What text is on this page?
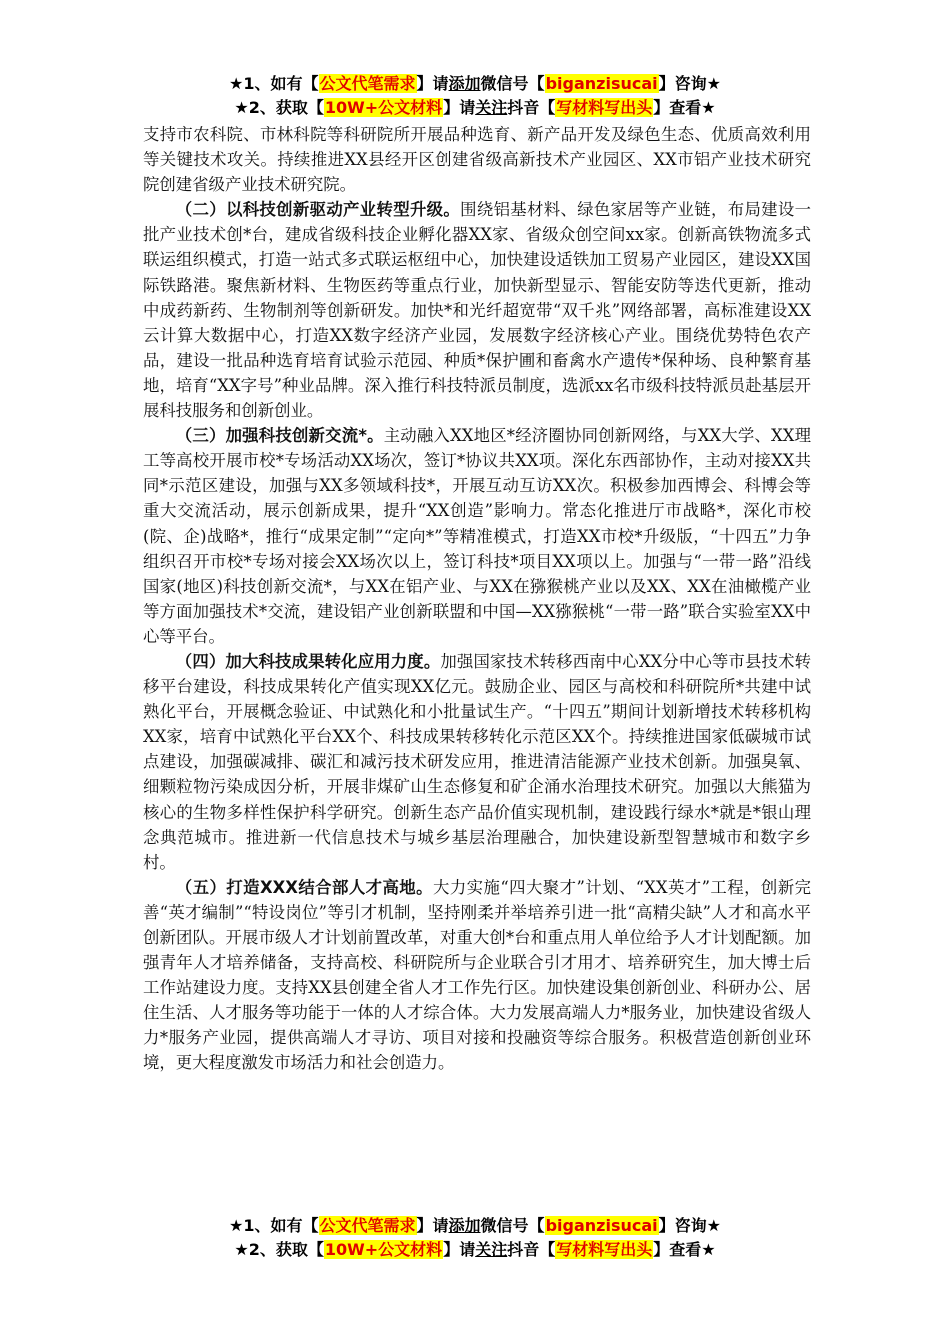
★1、如有【公文代笔需求】请添加微信号【biganzisucai】咨询★
★2、获取【10W+公文材料】请关注抖音【写材料写出头】查看★

支持市农科院、市林科院等科研院所开展品种选育、新产品开发及绿色生态、优质高效利用等关键技术攻关。持续推进XX县经开区创建省级高新技术产业园区、XX市铝产业技术研究院创建省级产业技术研究院。

（二）以科技创新驱动产业转型升级。围绕铝基材料、绿色家居等产业链，布局建设一批产业技术创*台，建成省级科技企业孵化器XX家、省级众创空间xx家。创新高铁物流多式联运组织模式，打造一站式多式联运枢纽中心，加快建设适铁加工贸易产业园区，建设XX国际铁路港。聚焦新材料、生物医药等重点行业，加快新型显示、智能安防等迭代更新，推动中成药新药、生物制剂等创新研发。加快*和光纤超宽带“双千兆”网络部署，高标准建设XX云计算大数据中心，打造XX数字经济产业园，发展数字经济核心产业。围绕优势特色农产品，建设一批品种选育培育试验示范园、种质*保护圃和畜禽水产遗传*保种场、良种繁育基地，培育“XX字号”种业品牌。深入推行科技特派员制度，选派xx名市级科技特派员赴基层开展科技服务和创新创业。

（三）加强科技创新交流*。主动融入XX地区*经济圈协同创新网络，与XX大学、XX理工等高校开展市校*专场活动XX场次，签订*协议共XX项。深化东西部协作，主动对接XX共同*示范区建设，加强与XX多领域科技*，开展互动互访XX次。积极参加西博会、科博会等重大交流活动，展示创新成果，提升“XX创造”影响力。常态化推进厅市战略*，深化市校(院、企)战略*，推行“成果定制”“定向*”等精准模式，打造XX市校*升级版，“十四五”力争组织召开市校*专场对接会XX场次以上，签订科技*项目XX项以上。加强与“一带一路”沿线国家(地区)科技创新交流*，与XX在铝产业、与XX在猕猴桃产业以及XX、XX在油橄榄产业等方面加强技术*交流，建设铝产业创新联盟和中国—XX猕猴桃“一带一路”联合实验室XX中心等平台。

（四）加大科技成果转化应用力度。加强国家技术转移西南中心XX分中心等市县技术转移平台建设，科技成果转化产值实现XX亿元。鼓励企业、园区与高校和科研院所*共建中试熟化平台，开展概念验证、中试熟化和小批量试生产。“十四五”期间计划新增技术转移机构XX家，培育中试熟化平台XX个、科技成果转移转化示范区XX个。持续推进国家低碳城市试点建设，加强碳减排、碳汇和减污技术研发应用，推进清洁能源产业技术创新。加强臭氧、细颗粒物污染成因分析，开展非煤矿山生态修复和矿企涌水治理技术研究。加强以大熊猫为核心的生物多样性保护科学研究。创新生态产品价值实现机制，建设践行绿水*就是*银山理念典范城市。推进新一代信息技术与城乡基层治理融合，加快建设新型智慧城市和数字乡村。

（五）打造XXX结合部人才高地。大力实施“四大聚才”计划、“XX英才”工程，创新完善“英才编制”“特设岗位”等引才机制，坚持刚柔并举培养引进一批“高精尖缺”人才和高水平创新团队。开展市级人才计划前置改革，对重大创*台和重点用人单位给予人才计划配额。加强青年人才培养储备，支持高校、科研院所与企业联合引才用才、培养研究生，加大博士后工作站建设力度。支持XX县创建全省人才工作先行区。加快建设集创新创业、科研办公、居住生活、人才服务等功能于一体的人才综合体。大力发展高端人力*服务业，加快建设省级人力*服务产业园，提供高端人才寻访、项目对接和投融资等综合服务。积极营造创新创业环境，更大程度激发市场活力和社会创造力。

★1、如有【公文代笔需求】请添加微信号【biganzisucai】咨询★
★2、获取【10W+公文材料】请关注抖音【写材料写出头】查看★
